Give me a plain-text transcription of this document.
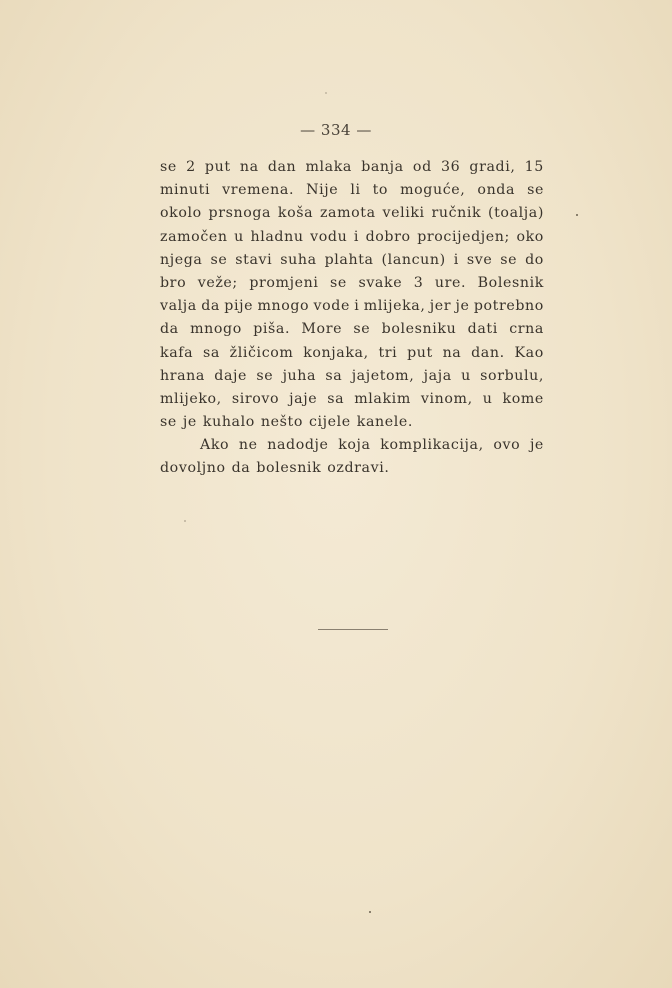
— 334 —
se 2 put na dan mlaka banja od 36 gradi, 15
minuti vremena. Nije li to moguće, onda se
okolo prsnoga koša zamota veliki ručnik (toalja)
zamočen u hladnu vodu i dobro procijedjen; oko
njega se stavi suha plahta (lancun) i sve se do
bro veže; promjeni se svake 3 ure. Bolesnik
valja da pije mnogo vode i mlijeka, jer je potrebno
da mnogo piša. More se bolesniku dati crna
kafa sa žličicom konjaka, tri put na dan. Kao
hrana daje se juha sa jajetom, jaja u sorbulu,
mlijeko, sirovo jaje sa mlakim vinom, u kome
se je kuhalo nešto cijele kanele.
Ako ne nadodje koja komplikacija, ovo je
dovoljno da bolesnik ozdravi.
